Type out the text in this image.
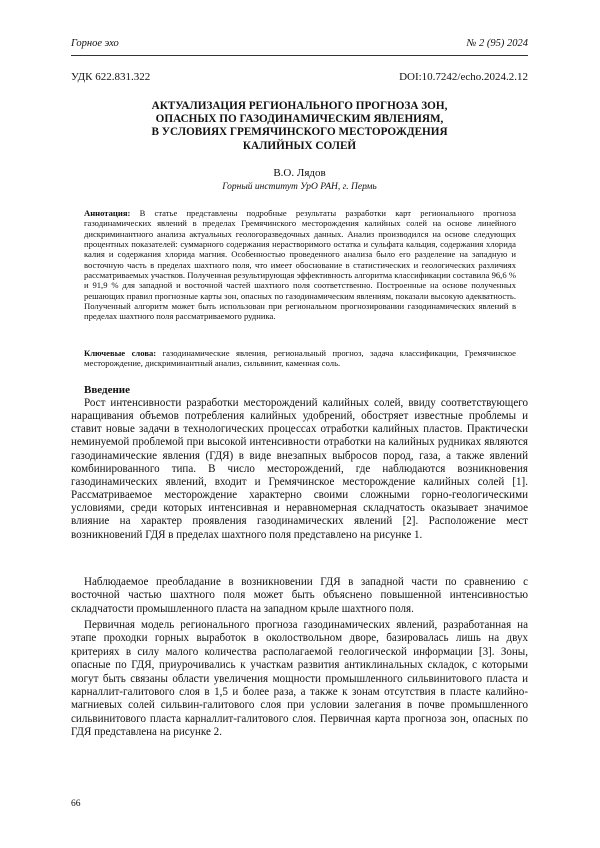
Горное эхо	№ 2 (95) 2024
УДК 622.831.322	DOI:10.7242/echo.2024.2.12
АКТУАЛИЗАЦИЯ РЕГИОНАЛЬНОГО ПРОГНОЗА ЗОН,
ОПАСНЫХ ПО ГАЗОДИНАМИЧЕСКИМ ЯВЛЕНИЯМ,
В УСЛОВИЯХ ГРЕМЯЧИНСКОГО МЕСТОРОЖДЕНИЯ
КАЛИЙНЫХ СОЛЕЙ
В.О. Лядов
Горный институт УрО РАН, г. Пермь
Аннотация: В статье представлены подробные результаты разработки карт регионального прогноза газодинамических явлений в пределах Гремячинского месторождения калийных солей на основе линейного дискриминантного анализа актуальных геологоразведочных данных. Анализ производился на основе следующих процентных показателей: суммарного содержания нерастворимого остатка и сульфата кальция, содержания хлорида калия и содержания хлорида магния. Особенностью проведенного анализа было его разделение на западную и восточную часть в пределах шахтного поля, что имеет обоснование в статистических и геологических различиях рассматриваемых участков. Полученная результирующая эффективность алгоритма классификации составила 96,6 % и 91,9 % для западной и восточной частей шахтного поля соответственно. Построенные на основе полученных решающих правил прогнозные карты зон, опасных по газодинамическим явлениям, показали высокую адекватность. Полученный алгоритм может быть использован при региональном прогнозировании газодинамических явлений в пределах шахтного поля рассматриваемого рудника.
Ключевые слова: газодинамические явления, региональный прогноз, задача классификации, Гремячинское месторождение, дискриминантный анализ, сильвинит, каменная соль.
Введение

Рост интенсивности разработки месторождений калийных солей, ввиду соответствующего наращивания объемов потребления калийных удобрений, обостряет известные проблемы и ставит новые задачи в технологических процессах отработки калийных пластов. Практически неминуемой проблемой при высокой интенсивности отработки на калийных рудниках являются газодинамические явления (ГДЯ) в виде внезапных выбросов пород, газа, а также явлений комбинированного типа. В число месторождений, где наблюдаются возникновения газодинамических явлений, входит и Гремячинское месторождение калийных солей [1]. Рассматриваемое месторождение характерно своими сложными горно-геологическими условиями, среди которых интенсивная и неравномерная складчатость оказывает значимое влияние на характер проявления газодинамических явлений [2]. Расположение мест возникновений ГДЯ в пределах шахтного поля представлено на рисунке 1.

Наблюдаемое преобладание в возникновении ГДЯ в западной части по сравнению с восточной частью шахтного поля может быть объяснено повышенной интенсивностью складчатости промышленного пласта на западном крыле шахтного поля.

Первичная модель регионального прогноза газодинамических явлений, разработанная на этапе проходки горных выработок в околоствольном дворе, базировалась лишь на двух критериях в силу малого количества располагаемой геологической информации [3]. Зоны, опасные по ГДЯ, приурочивались к участкам развития антиклинальных складок, с которыми могут быть связаны области увеличения мощности промышленного сильвинитового пласта и карналлит-галитового слоя в 1,5 и более раза, а также к зонам отсутствия в пласте калийно-магниевых солей сильвин-галитового слоя при условии залегания в почве промышленного сильвинитового пласта карналлит-галитового слоя. Первичная карта прогноза зон, опасных по ГДЯ представлена на рисунке 2.

66
